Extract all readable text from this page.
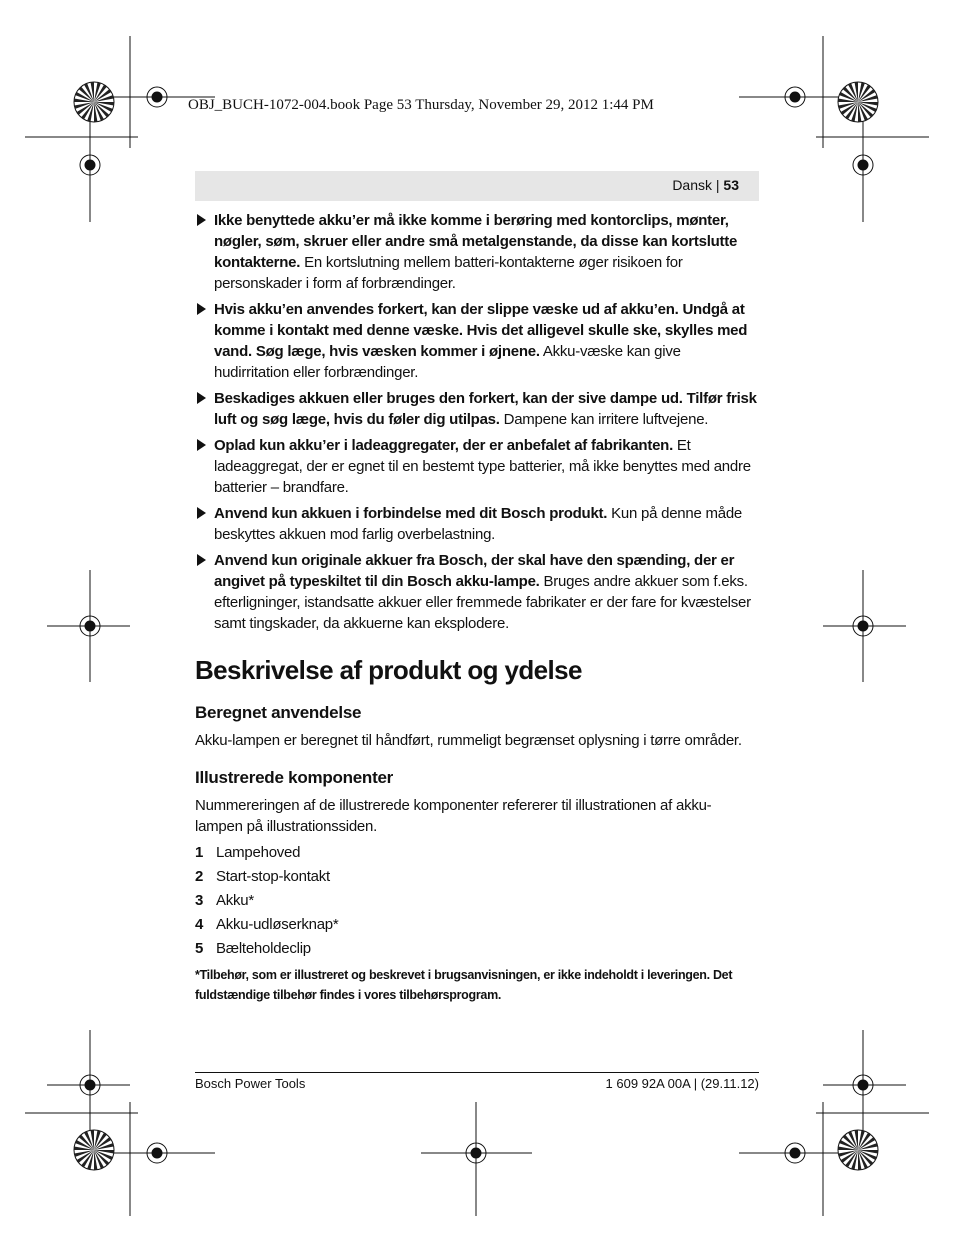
OBJ_BUCH-1072-004.book Page 53 Thursday, November 29, 2012 1:44 PM
Dansk | 53
Ikke benyttede akku’er må ikke komme i berøring med kontorclips, mønter, nøgler, søm, skruer eller andre små metalgenstande, da disse kan kortslutte kontakterne. En kortslutning mellem batteri-kontakterne øger risikoen for personskader i form af forbrændinger.
Hvis akku’en anvendes forkert, kan der slippe væske ud af akku’en. Undgå at komme i kontakt med denne væske. Hvis det alligevel skulle ske, skylles med vand. Søg læge, hvis væsken kommer i øjnene. Akku-væske kan give hudirritation eller forbrændinger.
Beskadiges akkuen eller bruges den forkert, kan der sive dampe ud. Tilfør frisk luft og søg læge, hvis du føler dig utilpas. Dampene kan irritere luftvejene.
Oplad kun akku’er i ladeaggregater, der er anbefalet af fabrikanten. Et ladeaggregat, der er egnet til en bestemt type batterier, må ikke benyttes med andre batterier – brandfare.
Anvend kun akkuen i forbindelse med dit Bosch produkt. Kun på denne måde beskyttes akkuen mod farlig overbelastning.
Anvend kun originale akkuer fra Bosch, der skal have den spænding, der er angivet på typeskiltet til din Bosch akku-lampe. Bruges andre akkuer som f.eks. efterligninger, istandsatte akkuer eller fremmede fabrikater er der fare for kvæstelser samt tingskader, da akkuerne kan eksplodere.
Beskrivelse af produkt og ydelse
Beregnet anvendelse

Akku-lampen er beregnet til håndført, rummeligt begrænset oplysning i tørre områder.

Illustrerede komponenter

Nummereringen af de illustrerede komponenter refererer til illustrationen af akku-lampen på illustrationssiden.

1 Lampehoved
2 Start-stop-kontakt
3 Akku*
4 Akku-udløserknap*
5 Bælteholdeclip
*Tilbehør, som er illustreret og beskrevet i brugsanvisningen, er ikke indeholdt i leveringen. Det fuldstændige tilbehør findes i vores tilbehørsprogram.
Bosch Power Tools	1 609 92A 00A | (29.11.12)
